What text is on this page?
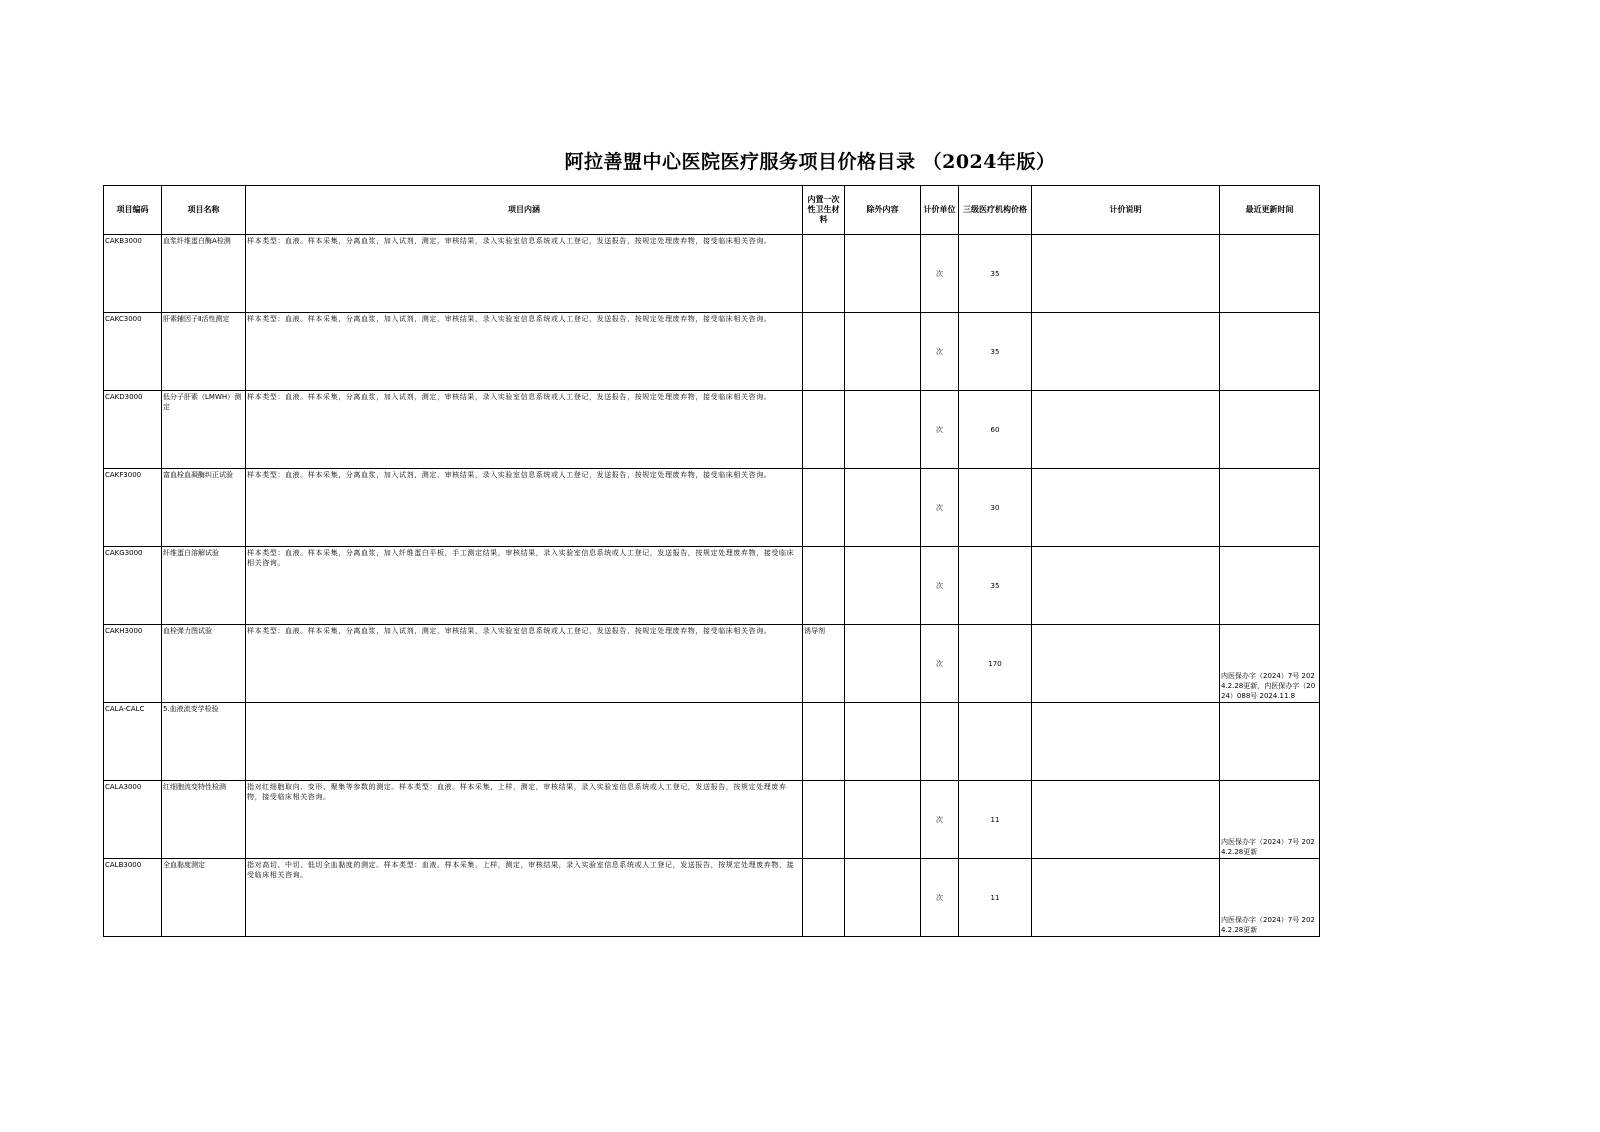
阿拉善盟中心医院医疗服务项目价格目录 （2024年版）
项目编码	项目名称	项目内涵	内置一次性卫生材料	除外内容	计价单位	三级医疗机构价格	计价说明	最近更新时间
CAKB3000	血浆纤维蛋白酶A检测	样本类型：血液。样本采集，分离血浆，加入试剂，测定，审核结果，录入实验室信息系统或人工登记，发送报告，按规定处理废弃物，接受临床相关咨询。			次	35		
CAKC3000	肝素辅因子Ⅱ活性测定	样本类型：血液。样本采集，分离血浆，加入试剂，测定，审核结果，录入实验室信息系统或人工登记，发送报告，按规定处理废弃物，接受临床相关咨询。			次	35		
CAKD3000	低分子肝素（LMWH）测定	样本类型：血液。样本采集，分离血浆，加入试剂，测定，审核结果，录入实验室信息系统或人工登记，发送报告，按规定处理废弃物，接受临床相关咨询。			次	60		
CAKF3000	富血栓血凝酶纠正试验	样本类型：血液。样本采集，分离血浆，加入试剂，测定，审核结果，录入实验室信息系统或人工登记，发送报告，按规定处理废弃物，接受临床相关咨询。			次	30		
CAKG3000	纤维蛋白溶解试验	样本类型：血液。样本采集，分离血浆，加入纤维蛋白平板，手工测定结果，审核结果，录入实验室信息系统或人工登记，发送报告，按规定处理废弃物，接受临床相关咨询。			次	35		
CAKH3000	血栓弹力图试验	样本类型：血液。样本采集，分离血浆，加入试剂，测定，审核结果，录入实验室信息系统或人工登记，发送报告，按规定处理废弃物，接受临床相关咨询。	诱导剂		次	170		内医保办字（2024）7号 2024.2.28更新，内医保办字（2024）088号 2024.11.8
CALA-CALC	5.血液流变学检验							
CALA3000	红细胞流变特性检测	指对红细胞取向、变形、聚集等参数的测定。样本类型：血液。样本采集，上样，测定，审核结果，录入实验室信息系统或人工登记，发送报告，按规定处理废弃物，接受临床相关咨询。			次	11		内医保办字（2024）7号 2024.2.28更新
CALB3000	全血黏度测定	指对高切、中切、低切全血黏度的测定。样本类型：血液。样本采集，上样，测定，审核结果，录入实验室信息系统或人工登记，发送报告，按规定处理废弃物，接受临床相关咨询。			次	11		内医保办字（2024）7号 2024.2.28更新
